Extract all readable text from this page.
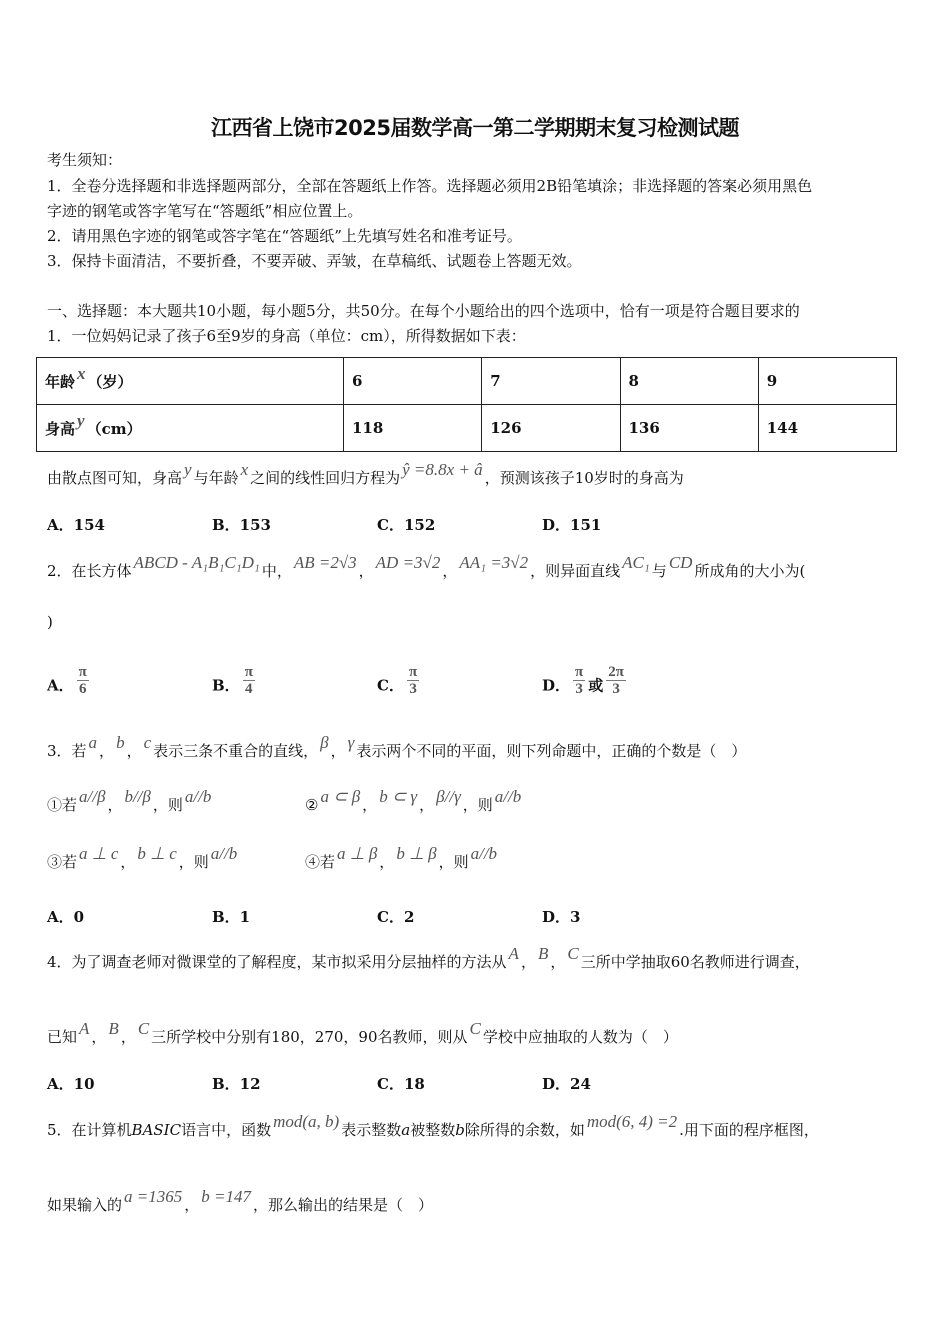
江西省上饶市2025届数学高一第二学期期末复习检测试题
年龄 x （岁）	6	7	8	9
身高 y （cm）	118	126	136	144
考生须知：
1．全卷分选择题和非选择题两部分，全部在答题纸上作答。选择题必须用2B铅笔填涂；非选择题的答案必须用黑色
字迹的钢笔或答字笔写在“答题纸”相应位置上。
2．请用黑色字迹的钢笔或答字笔在“答题纸”上先填写姓名和准考证号。
3．保持卡面清洁，不要折叠，不要弄破、弄皱，在草稿纸、试题卷上答题无效。
一、选择题：本大题共10小题，每小题5分，共50分。在每个小题给出的四个选项中，恰有一项是符合题目要求的
1．一位妈妈记录了孩子6至9岁的身高（单位：cm），所得数据如下表：
由散点图可知，身高 y 与年龄 x 之间的线性回归方程为 ŷ =8.8x + â ，预测该孩子10岁时的身高为
A．154	B．153	C．152	D．151
2．在长方体 ABCD - A₁B₁C₁D₁ 中， AB =2√3 ， AD =3√2 ， AA₁ =3√2 ，则异面直线 AC₁ 与 CD 所成角的大小为(
)
A． $\frac{\pi}{6}$	B． $\frac{\pi}{4}$	C． $\frac{\pi}{3}$	D． $\frac{\pi}{3}$ 或 $\frac{2\pi}{3}$
3．若 a ， b ， c 表示三条不重合的直线， β ， γ 表示两个不同的平面，则下列命题中，正确的个数是（　）
①若 a//β ， b//β ，则 a//b	② a ⊂ β ， b ⊂ γ ， β//γ ，则 a//b
③若 a ⊥ c ， b ⊥ c ，则 a//b	④若 a ⊥ β ， b ⊥ β ，则 a//b
A．0	B．1	C．2	D．3
4．为了调查老师对微课堂的了解程度，某市拟采用分层抽样的方法从 A ， B ， C 三所中学抽取60名教师进行调查，
已知 A ， B ， C 三所学校中分别有180，270，90名教师，则从 C 学校中应抽取的人数为（　）
A．10	B．12	C．18	D．24
5．在计算机BASIC语言中，函数 mod(a, b) 表示整数a被整数b除所得的余数，如 mod(6, 4) =2 .用下面的程序框图，
如果输入的 a =1365 ， b =147 ，那么输出的结果是（　）
